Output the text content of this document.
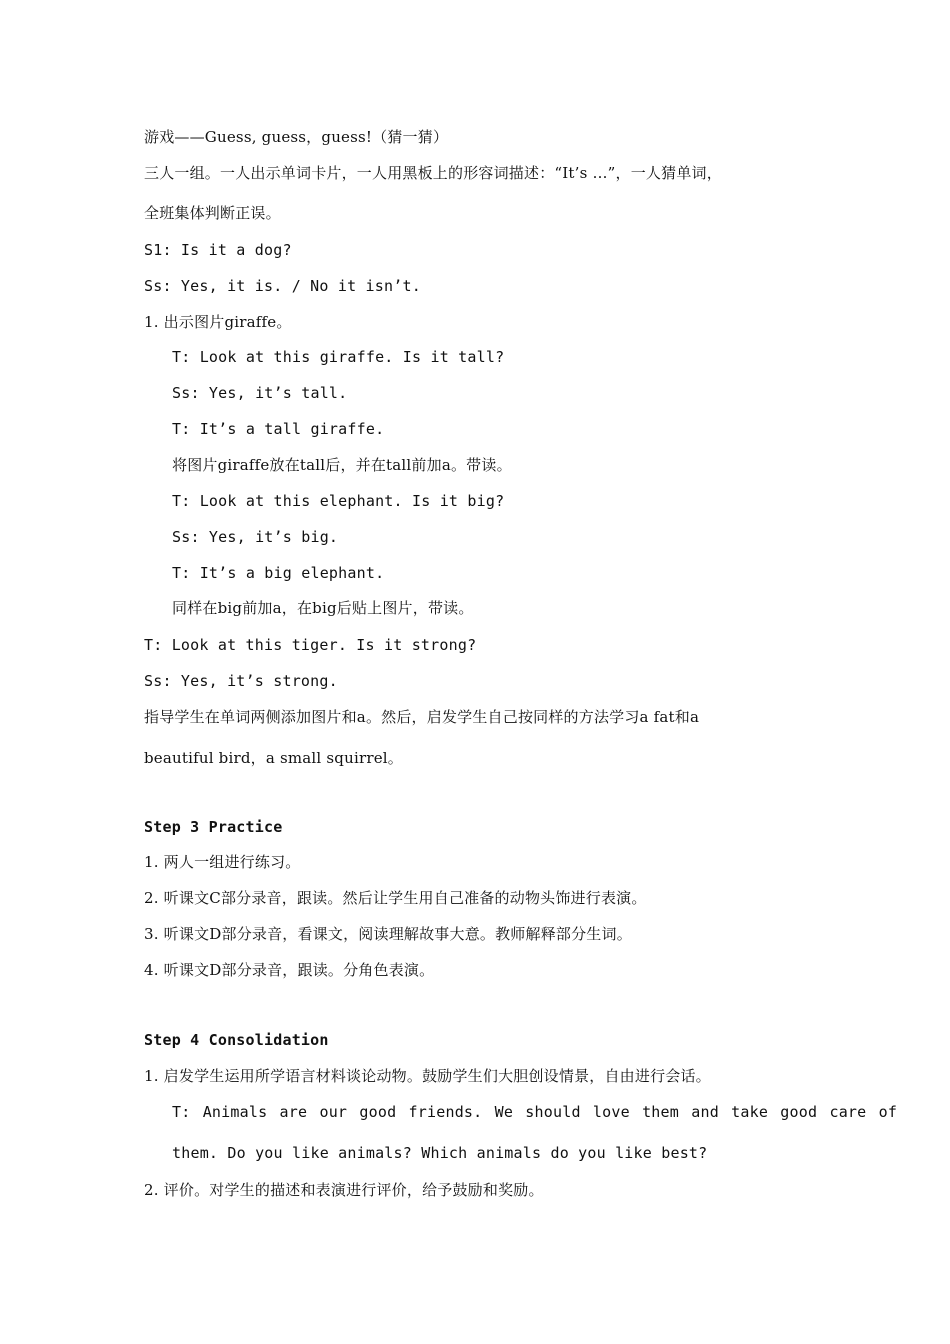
游戏——Guess, guess，guess!（猜一猜）
三人一组。一人出示单词卡片，一人用黑板上的形容词描述：“It’s …”，一人猜单词，
全班集体判断正误。
S1: Is it a dog?
Ss: Yes, it is. / No it isn’t.
1. 出示图片giraffe。
T: Look at this giraffe. Is it tall?
Ss: Yes, it’s tall.
T: It’s a tall giraffe.
将图片giraffe放在tall后，并在tall前加a。带读。
T: Look at this elephant. Is it big?
Ss: Yes, it’s big.
T: It’s a big elephant.
同样在big前加a，在big后贴上图片，带读。
T: Look at this tiger. Is it strong?
Ss: Yes, it’s strong.
指导学生在单词两侧添加图片和a。然后，启发学生自己按同样的方法学习a fat和a
beautiful bird，a small squirrel。
Step 3 Practice
1. 两人一组进行练习。
2. 听课文C部分录音，跟读。然后让学生用自己准备的动物头饰进行表演。
3. 听课文D部分录音，看课文，阅读理解故事大意。教师解释部分生词。
4. 听课文D部分录音，跟读。分角色表演。
Step 4 Consolidation
1. 启发学生运用所学语言材料谈论动物。鼓励学生们大胆创设情景，自由进行会话。
T: Animals are our good friends. We should love them and take good care of
them. Do you like animals? Which animals do you like best?
2. 评价。对学生的描述和表演进行评价，给予鼓励和奖励。
